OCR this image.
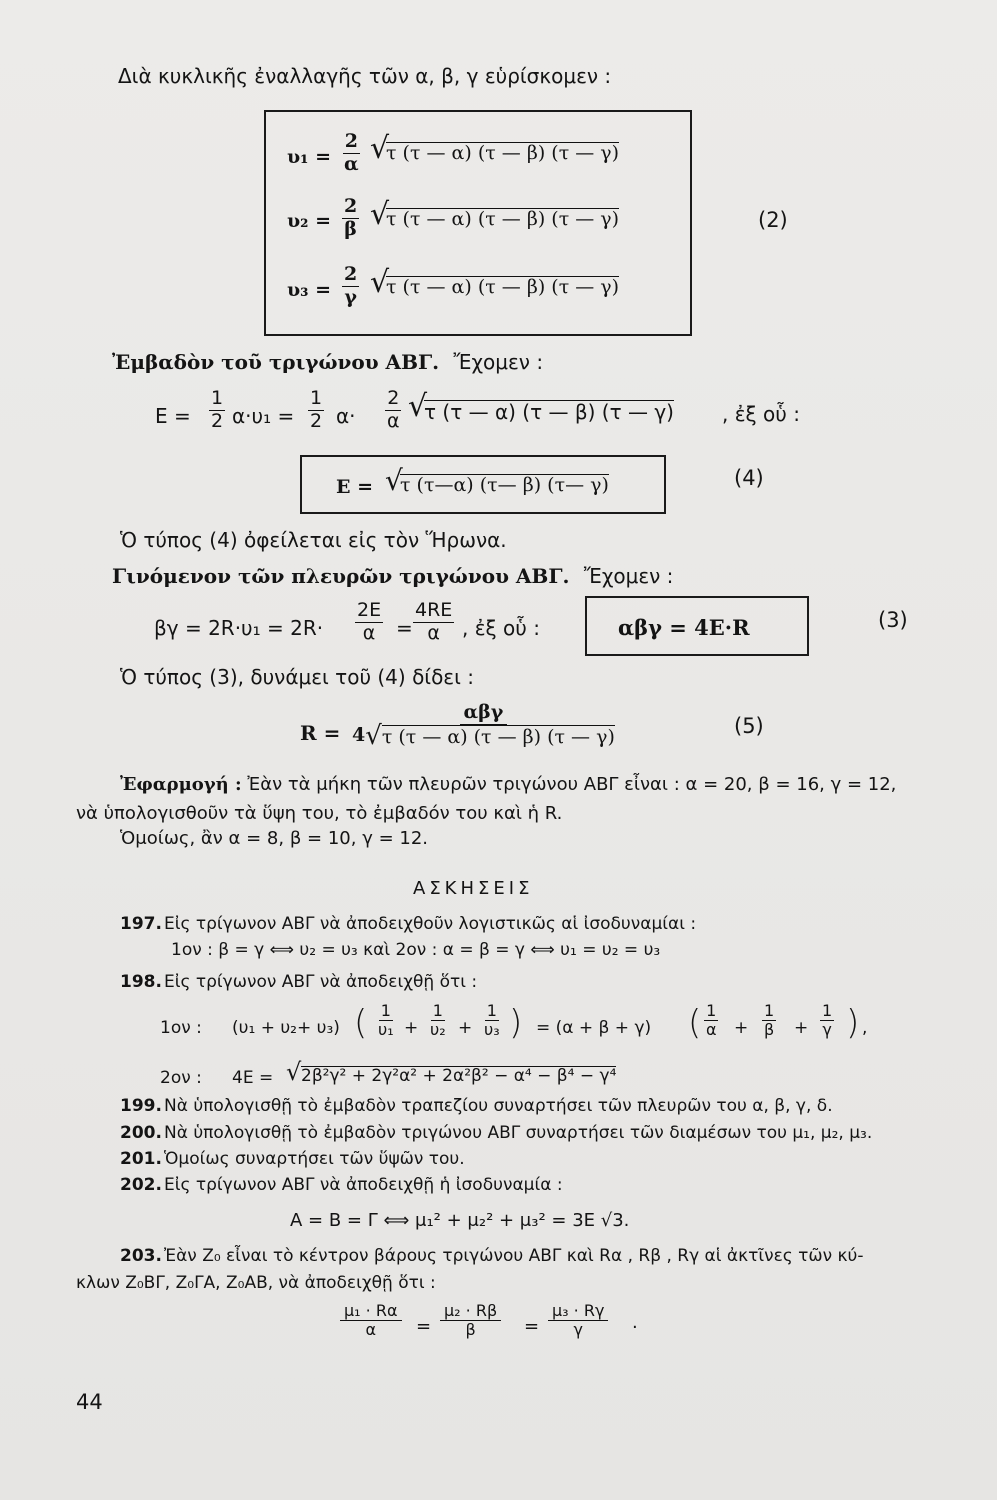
Διὰ κυκλικῆς ἐναλλαγῆς τῶν α, β, γ εὑρίσκομεν :
$\upsilon_1 = \frac{2}{\alpha}$ √
τ (τ — α) (τ — β) (τ — γ)
$\upsilon_2 = \frac{2}{\beta}$ √
τ (τ — α) (τ — β) (τ — γ)
$\upsilon_3 = \frac{2}{\gamma}$ √
τ (τ — α) (τ — β) (τ — γ)
(2)
Ἐμβαδὸν τοῦ τριγώνου ΑΒΓ. Ἔχομεν :
$E = \frac{1}{2} \alpha\cdot\upsilon_1 = \frac{1}{2} \alpha\cdot \frac{2}{\alpha}$ √
τ (τ — α) (τ — β) (τ — γ) , ἐξ οὗ :
Ε = √
τ (τ—α) (τ— β) (τ— γ)	(4)
Ὁ τύπος (4) ὀφείλεται εἰς τὸν Ἥρωνα.
Γινόμενον τῶν πλευρῶν τριγώνου ΑΒΓ. Ἔχομεν :
$\beta\gamma = 2R\cdot\upsilon_1 = 2R\cdot \frac{2E}{\alpha} = \frac{4RE}{\alpha}$ , ἐξ οὗ :	αβγ = 4Ε·R	(3)
Ὁ τύπος (3), δυνάμει τοῦ (4) δίδει :
R =
αβγ
4 √ τ (τ — α) (τ — β) (τ — γ)	(5)
Ἐφαρμογή : Ἐὰν τὰ μήκη τῶν πλευρῶν τριγώνου ΑΒΓ εἶναι : α = 20, β = 16, γ = 12,
νὰ ὑπολογισθοῦν τὰ ὕψη του, τὸ ἐμβαδόν του καὶ ἡ R.
Ὁμοίως, ἂν α = 8, β = 10, γ = 12.
ΑΣΚΗΣΕΙΣ
197. Εἰς τρίγωνον ΑΒΓ νὰ ἀποδειχθοῦν λογιστικῶς αἱ ἰσοδυναμίαι :
1ον : β = γ ⟺ υ₂ = υ₃ καὶ 2ον : α = β = γ ⟺ υ₁ = υ₂ = υ₃
198. Εἰς τρίγωνον ΑΒΓ νὰ ἀποδειχθῇ ὅτι :
1ον : (υ₁ + υ₂+ υ₃) ( $\frac{1}{\text{υ₁}} + \frac{1}{\text{υ₂}} + \frac{1}{\text{υ₃}}$ ) = (α + β + γ) ( $\frac{1}{\alpha} + \frac{1}{\beta} + \frac{1}{\gamma}$ ) ,
2ον : 4Ε = √ 2β²γ² + 2γ²α² + 2α²β² − α⁴ − β⁴ − γ⁴
199. Νὰ ὑπολογισθῇ τὸ ἐμβαδὸν τραπεζίου συναρτήσει τῶν πλευρῶν του α, β, γ, δ.
200. Νὰ ὑπολογισθῇ τὸ ἐμβαδὸν τριγώνου ΑΒΓ συναρτήσει τῶν διαμέσων του μ₁, μ₂, μ₃.
201. Ὁμοίως συναρτήσει τῶν ὕψῶν του.
202. Εἰς τρίγωνον ΑΒΓ νὰ ἀποδειχθῇ ἡ ἰσοδυναμία :
Α = Β = Γ ⟺ μ₁² + μ₂² + μ₃² = 3Ε √3.
203. Ἐὰν Ζ₀ εἶναι τὸ κέντρον βάρους τριγώνου ΑΒΓ καὶ Rα , Rβ , Rγ αἱ ἀκτῖνες τῶν κύ-
κλων Ζ₀ΒΓ, Ζ₀ΓΑ, Ζ₀ΑΒ, νὰ ἀποδειχθῇ ὅτι :
$\frac{\text{μ₁ · Rα}}{\alpha} = \frac{\text{μ₂ · Rβ}}{\beta} = \frac{\text{μ₃ · Rγ}}{\gamma}$ .
44
